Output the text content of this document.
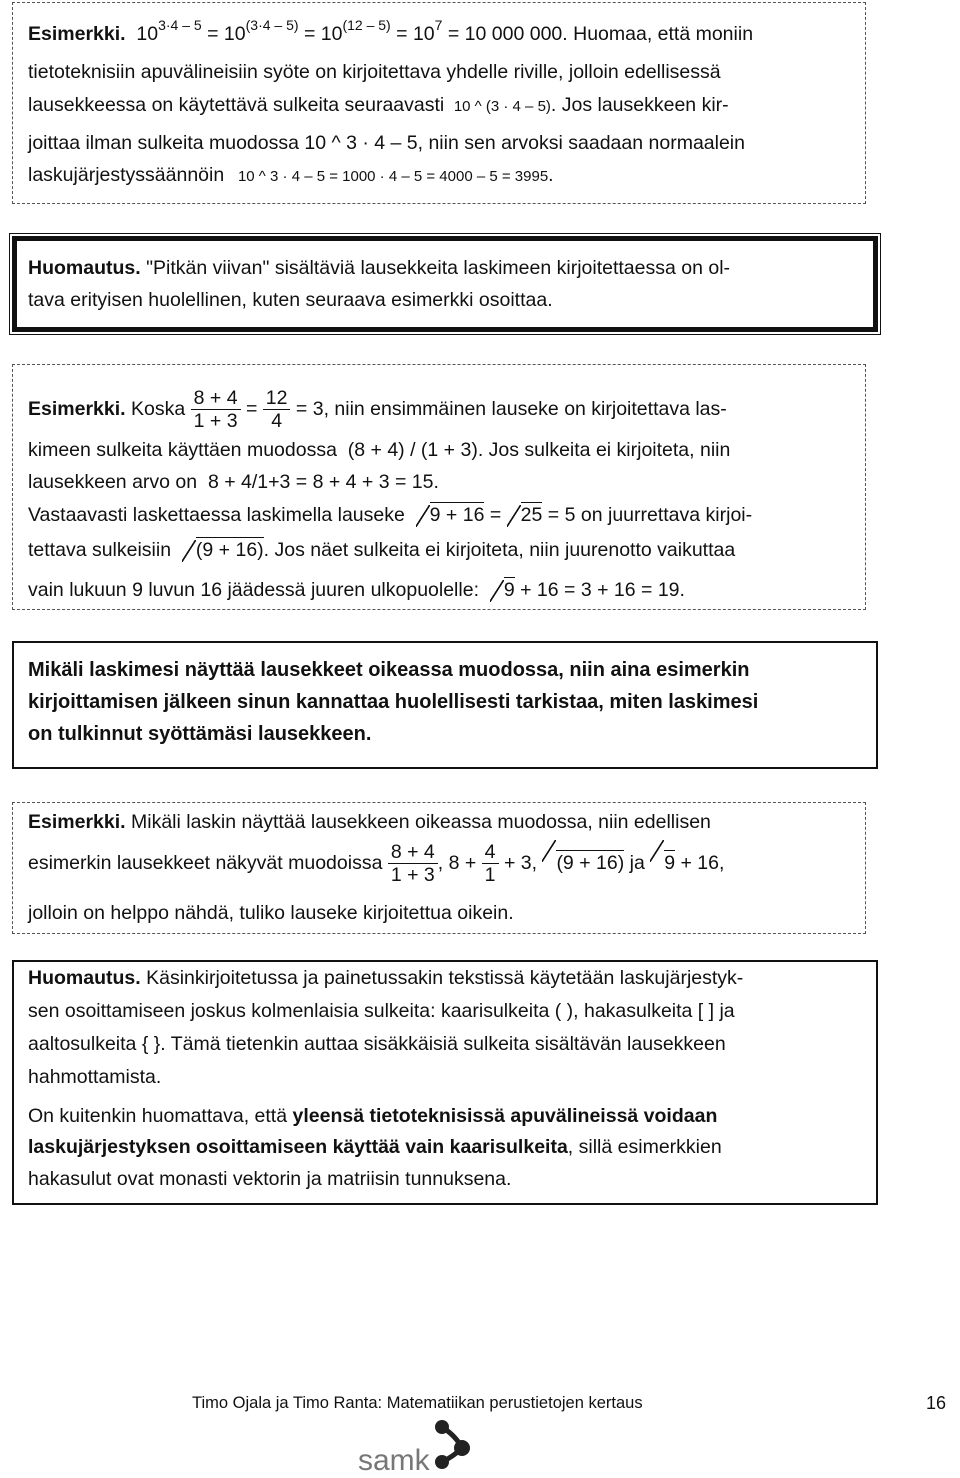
Esimerkki.  $10^{3\cdot 4 - 5} = 10^{(3\cdot 4 - 5)} = 10^{(12 - 5)} = 10^7 = 10$ 000 000. Huomaa, että moniin
tietoteknisiin apuvälineisiin syöte on kirjoitettava yhdelle riville, jolloin edellisessä
lausekkeessa on käytettävä sulkeita seuraavasti  10 ^ (3 · 4 – 5). Jos lausekkeen kir-
joittaa ilman sulkeita muodossa 10 ^ 3 · 4 – 5, niin sen arvoksi saadaan normaalein
laskujärjestyssäännöin   10 ^ 3 · 4 – 5 = 1000 · 4 – 5 = 4000 – 5 = 3995.
Huomautus. "Pitkän viivan" sisältäviä lausekkeita laskimeen kirjoitettaessa on ol-
tava erityisen huolellinen, kuten seuraava esimerkki osoittaa.
Esimerkki. Koska $\frac{8 + 4}{1 + 3} = \frac{12}{4} = 3$, niin ensimmäinen lauseke on kirjoitettava las-
kimeen sulkeita käyttäen muodossa  (8 + 4) / (1 + 3). Jos sulkeita ei kirjoiteta, niin
lausekkeen arvo on  8 + 4/1+3 = 8 + 4 + 3 = 15.
Vastaavasti laskettaessa laskimella lauseke 9 + 16 = 25 = 5 on juurrettava kirjoi-
tettava sulkeisiin (9 + 16). Jos näet sulkeita ei kirjoiteta, niin juurenotto vaikuttaa
vain lukuun 9 luvun 16 jäädessä juuren ulkopuolelle: 9 + 16 = 3 + 16 = 19.
Mikäli laskimesi näyttää lausekkeet oikeassa muodossa, niin aina esimerkin
kirjoittamisen jälkeen sinun kannattaa huolellisesti tarkistaa, miten laskimesi
on tulkinnut syöttämäsi lausekkeen.
Esimerkki. Mikäli laskin näyttää lausekkeen oikeassa muodossa, niin edellisen
esimerkin lausekkeet näkyvät muodoissa $\frac{8 + 4}{1 + 3}$ , $8 + \frac{4}{1} + 3$, (9 + 16) ja 9 + 16,
jolloin on helppo nähdä, tuliko lauseke kirjoitettua oikein.
Huomautus. Käsinkirjoitetussa ja painetussakin tekstissä käytetään laskujärjestyk-
sen osoittamiseen joskus kolmenlaisia sulkeita: kaarisulkeita ( ), hakasulkeita [ ] ja
aaltosulkeita { }. Tämä tietenkin auttaa sisäkkäisiä sulkeita sisältävän lausekkeen
hahmottamista.
On kuitenkin huomattava, että yleensä tietoteknisissä apuvälineissä voidaan
laskujärjestyksen osoittamiseen käyttää vain kaarisulkeita, sillä esimerkkien
hakasulut ovat monasti vektorin ja matriisin tunnuksena.
Timo Ojala ja Timo Ranta: Matematiikan perustietojen kertaus	16
samk
